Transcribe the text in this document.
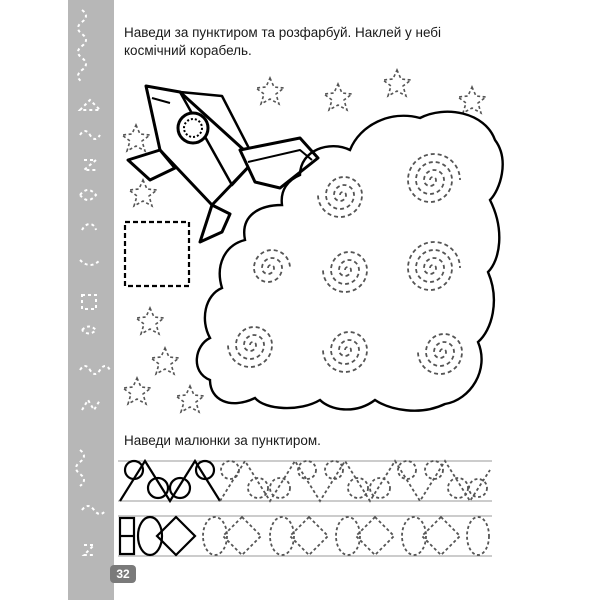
Наведи за пунктиром та розфарбуй. Наклей у небі космічний корабель.

Наведи малюнки за пунктиром.

32
